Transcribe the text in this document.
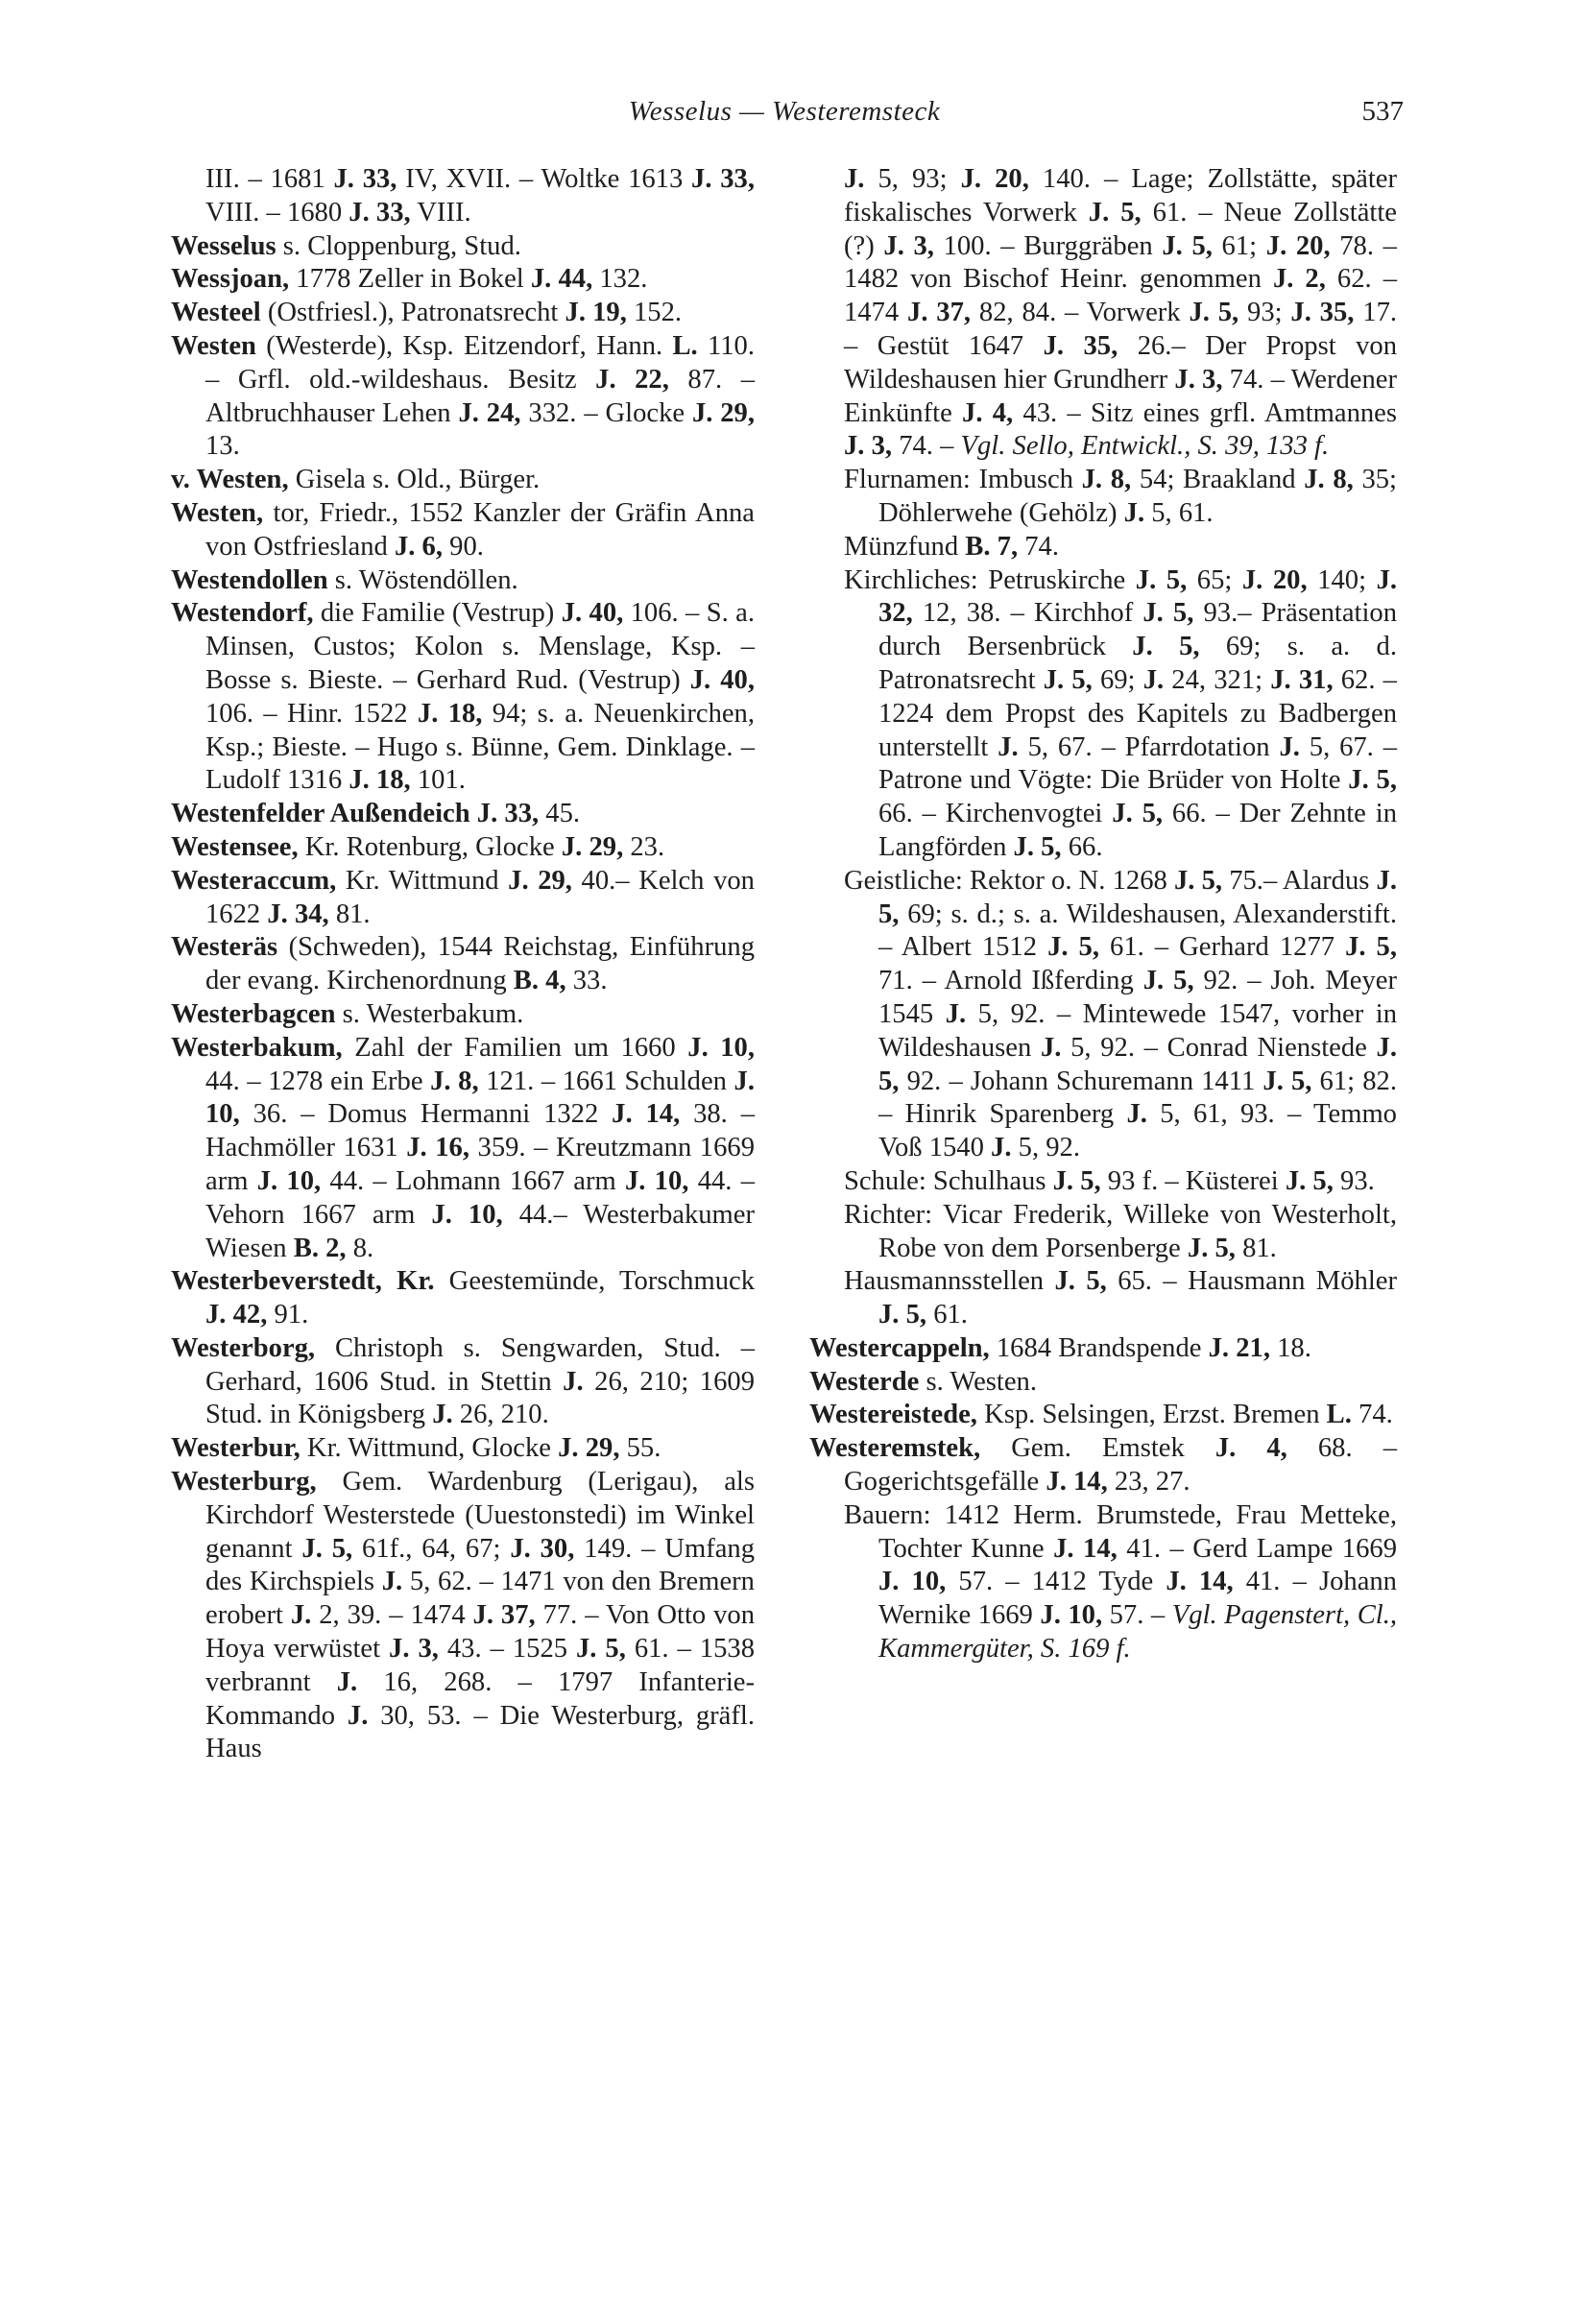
Wesselus — Westeremsteck	537
III. – 1681 J. 33, IV, XVII. – Woltke 1613 J. 33, VIII. – 1680 J. 33, VIII.
Wesselus s. Cloppenburg, Stud.
Wessjoan, 1778 Zeller in Bokel J. 44, 132.
Westeel (Ostfriesl.), Patronatsrecht J. 19, 152.
Westen (Westerde), Ksp. Eitzendorf, Hann. L. 110. – Grfl. old.-wildeshaus. Besitz J. 22, 87. – Altbruchhauser Lehen J. 24, 332. – Glocke J. 29, 13.
v. Westen, Gisela s. Old., Bürger.
Westen, tor, Friedr., 1552 Kanzler der Gräfin Anna von Ostfriesland J. 6, 90.
Westendollen s. Wöstendöllen.
Westendorf, die Familie (Vestrup) J. 40, 106. – S. a. Minsen, Custos; Kolon s. Menslage, Ksp. – Bosse s. Bieste. – Gerhard Rud. (Vestrup) J. 40, 106. – Hinr. 1522 J. 18, 94; s. a. Neuenkirchen, Ksp.; Bieste. – Hugo s. Bünne, Gem. Dinklage. – Ludolf 1316 J. 18, 101.
Westenfelder Außendeich J. 33, 45.
Westensee, Kr. Rotenburg, Glocke J. 29, 23.
Westeraccum, Kr. Wittmund J. 29, 40.– Kelch von 1622 J. 34, 81.
Westeräs (Schweden), 1544 Reichstag, Einführung der evang. Kirchenordnung B. 4, 33.
Westerbagcen s. Westerbakum.
Westerbakum, Zahl der Familien um 1660 J. 10, 44. – 1278 ein Erbe J. 8, 121. – 1661 Schulden J. 10, 36. – Domus Hermanni 1322 J. 14, 38. – Hachmöller 1631 J. 16, 359. – Kreutzmann 1669 arm J. 10, 44. – Lohmann 1667 arm J. 10, 44. – Vehorn 1667 arm J. 10, 44.– Westerbakumer Wiesen B. 2, 8.
Westerbeverstedt, Kr. Geestemünde, Torschmuck J. 42, 91.
Westerborg, Christoph s. Sengwarden, Stud. – Gerhard, 1606 Stud. in Stettin J. 26, 210; 1609 Stud. in Königsberg J. 26, 210.
Westerbur, Kr. Wittmund, Glocke J. 29, 55.
Westerburg, Gem. Wardenburg (Lerigau), als Kirchdorf Westerstede (Uuestonstedi) im Winkel genannt J. 5, 61f., 64, 67; J. 30, 149. – Umfang des Kirchspiels J. 5, 62. – 1471 von den Bremern erobert J. 2, 39. – 1474 J. 37, 77. – Von Otto von Hoya verwüstet J. 3, 43. – 1525 J. 5, 61. – 1538 verbrannt J. 16, 268. – 1797 Infanterie-Kommando J. 30, 53. – Die Westerburg, gräfl. Haus
J. 5, 93; J. 20, 140. – Lage; Zollstätte, später fiskalisches Vorwerk J. 5, 61. – Neue Zollstätte (?) J. 3, 100. – Burggräben J. 5, 61; J. 20, 78. – 1482 von Bischof Heinr. genommen J. 2, 62. – 1474 J. 37, 82, 84. – Vorwerk J. 5, 93; J. 35, 17. – Gestüt 1647 J. 35, 26.– Der Propst von Wildeshausen hier Grundherr J. 3, 74. – Werdener Einkünfte J. 4, 43. – Sitz eines grfl. Amtmannes J. 3, 74. – Vgl. Sello, Entwickl., S. 39, 133 f.
Flurnamen: Imbusch J. 8, 54; Braakland J. 8, 35; Döhlerwehe (Gehölz) J. 5, 61.
Münzfund B. 7, 74.
Kirchliches: Petruskirche J. 5, 65; J. 20, 140; J. 32, 12, 38. – Kirchhof J. 5, 93.– Präsentation durch Bersenbrück J. 5, 69; s. a. d. Patronatsrecht J. 5, 69; J. 24, 321; J. 31, 62. – 1224 dem Propst des Kapitels zu Badbergen unterstellt J. 5, 67. – Pfarrdotation J. 5, 67. – Patrone und Vögte: Die Brüder von Holte J. 5, 66. – Kirchenvogtei J. 5, 66. – Der Zehnte in Langförden J. 5, 66.
Geistliche: Rektor o. N. 1268 J. 5, 75.– Alardus J. 5, 69; s. d.; s. a. Wildeshausen, Alexanderstift. – Albert 1512 J. 5, 61. – Gerhard 1277 J. 5, 71. – Arnold Ißferding J. 5, 92. – Joh. Meyer 1545 J. 5, 92. – Mintewede 1547, vorher in Wildeshausen J. 5, 92. – Conrad Nienstede J. 5, 92. – Johann Schuremann 1411 J. 5, 61; 82. – Hinrik Sparenberg J. 5, 61, 93. – Temmo Voß 1540 J. 5, 92.
Schule: Schulhaus J. 5, 93 f. – Küsterei J. 5, 93.
Richter: Vicar Frederik, Willeke von Westerholt, Robe von dem Porsenberge J. 5, 81.
Hausmannsstellen J. 5, 65. – Hausmann Möhler J. 5, 61.
Westercappeln, 1684 Brandspende J. 21, 18.
Westerde s. Westen.
Westereistede, Ksp. Selsingen, Erzst. Bremen L. 74.
Westeremstek, Gem. Emstek J. 4, 68. – Gogerichtsgefälle J. 14, 23, 27.
Bauern: 1412 Herm. Brumstede, Frau Metteke, Tochter Kunne J. 14, 41. – Gerd Lampe 1669 J. 10, 57. – 1412 Tyde J. 14, 41. – Johann Wernike 1669 J. 10, 57. – Vgl. Pagenstert, Cl., Kammergüter, S. 169 f.
